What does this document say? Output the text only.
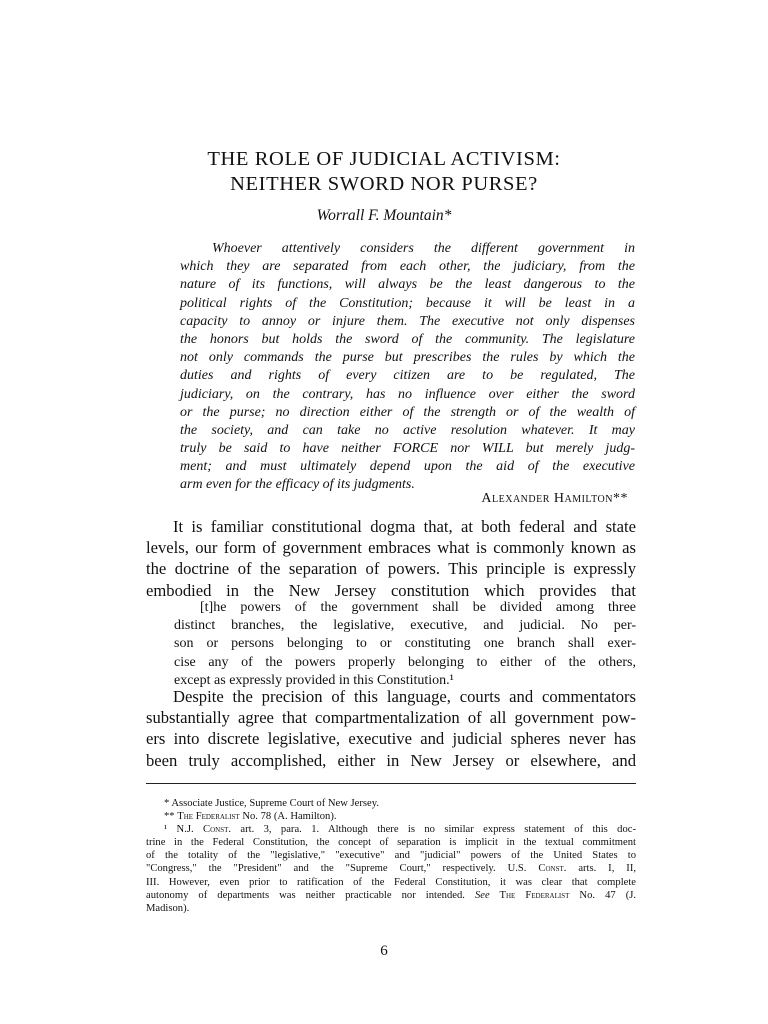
THE ROLE OF JUDICIAL ACTIVISM:
NEITHER SWORD NOR PURSE?
Worrall F. Mountain*
Whoever attentively considers the different government in
which they are separated from each other, the judiciary, from the
nature of its functions, will always be the least dangerous to the
political rights of the Constitution; because it will be least in a
capacity to annoy or injure them. The executive not only dispenses
the honors but holds the sword of the community. The legislature
not only commands the purse but prescribes the rules by which the
duties and rights of every citizen are to be regulated, The
judiciary, on the contrary, has no influence over either the sword
or the purse; no direction either of the strength or of the wealth of
the society, and can take no active resolution whatever. It may
truly be said to have neither FORCE nor WILL but merely judg-
ment; and must ultimately depend upon the aid of the executive
arm even for the efficacy of its judgments.
Alexander Hamilton**
It is familiar constitutional dogma that, at both federal and state
levels, our form of government embraces what is commonly known as
the doctrine of the separation of powers. This principle is expressly
embodied in the New Jersey constitution which provides that
[t]he powers of the government shall be divided among three
distinct branches, the legislative, executive, and judicial. No per-
son or persons belonging to or constituting one branch shall exer-
cise any of the powers properly belonging to either of the others,
except as expressly provided in this Constitution.¹
Despite the precision of this language, courts and commentators
substantially agree that compartmentalization of all government pow-
ers into discrete legislative, executive and judicial spheres never has
been truly accomplished, either in New Jersey or elsewhere, and
* Associate Justice, Supreme Court of New Jersey.
** The Federalist No. 78 (A. Hamilton).
¹ N.J. Const. art. 3, para. 1. Although there is no similar express statement of this doc-
trine in the Federal Constitution, the concept of separation is implicit in the textual commitment
of the totality of the "legislative," "executive" and "judicial" powers of the United States to
"Congress," the "President" and the "Supreme Court," respectively. U.S. Const. arts. I, II,
III. However, even prior to ratification of the Federal Constitution, it was clear that complete
autonomy of departments was neither practicable nor intended. See The Federalist No. 47 (J.
Madison).
6
